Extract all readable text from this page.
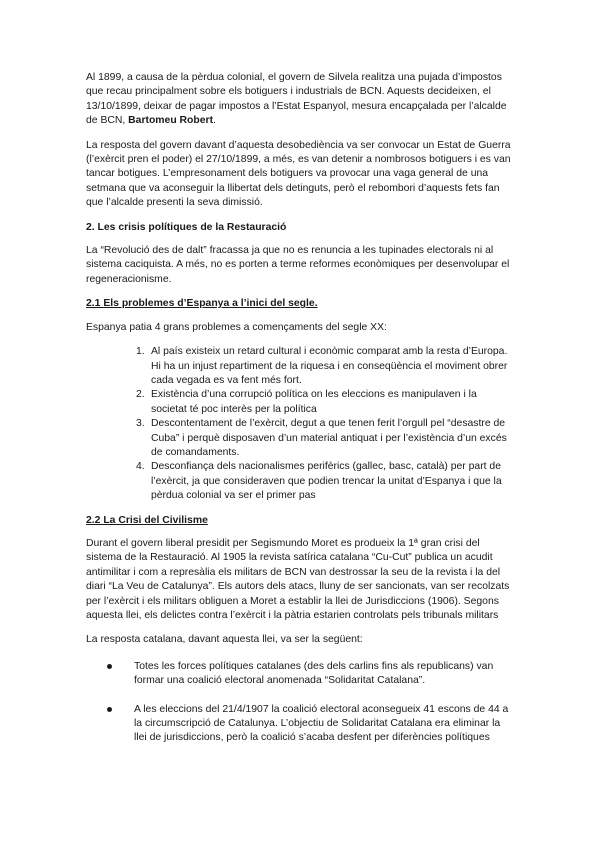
Al 1899, a causa de la pèrdua colonial, el govern de Silvela realitza una pujada d’impostos que recau principalment sobre els botiguers i industrials de BCN. Aquests decideixen, el 13/10/1899, deixar de pagar impostos a l’Estat Espanyol, mesura encapçalada per l’alcalde de BCN, Bartomeu Robert.

La resposta del govern davant d’aquesta desobediència va ser convocar un Estat de Guerra (l’exèrcit pren el poder) el 27/10/1899, a més, es van detenir a nombrosos botiguers i es van tancar botigues. L’empresonament dels botiguers va provocar una vaga general de una setmana que va aconseguir la llibertat dels detinguts, però el rebombori d’aquests fets fan que l’alcalde presenti la seva dimissió.

2. Les crisis polítiques de la Restauració

La “Revolució des de dalt” fracassa ja que no es renuncia a les tupinades electorals ni al sistema caciquista. A més, no es porten a terme reformes econòmiques per desenvolupar el regeneracionisme.

2.1 Els problemes d’Espanya a l’inici del segle.

Espanya patia 4 grans problemes a començaments del segle XX:

1. Al país existeix un retard cultural i econòmic comparat amb la resta d’Europa. Hi ha un injust repartiment de la riquesa i en conseqüència el moviment obrer cada vegada es va fent més fort.
2. Existència d’una corrupció política on les eleccions es manipulaven i la societat té poc interès per la política
3. Descontentament de l’exèrcit, degut a que tenen ferit l’orgull pel “desastre de Cuba” i perquè disposaven d’un material antiquat i per l’existència d’un excés de comandaments.
4. Desconfiança dels nacionalismes perifèrics (gallec, basc, català) per part de l’exèrcit, ja que consideraven que podien trencar la unitat d’Espanya i que la pèrdua colonial va ser el primer pas

2.2 La Crisi del Civilisme

Durant el govern liberal presidit per Segismundo Moret es produeix la 1ª gran crisi del sistema de la Restauració. Al 1905 la revista satírica catalana “Cu-Cut” publica un acudit antimilitar i com a represàlia els militars de BCN van destrossar la seu de la revista i la del diari “La Veu de Catalunya”. Els autors dels atacs, lluny de ser sancionats, van ser recolzats per l’exèrcit i els militars obliguen a Moret a establir la llei de Jurisdiccions (1906). Segons aquesta llei, els delictes contra l’exèrcit i la pàtria estarien controlats pels tribunals militars

La resposta catalana, davant aquesta llei, va ser la següent:

Totes les forces polítiques catalanes (des dels carlins fins als republicans) van formar una coalició electoral anomenada “Solidaritat Catalana”.
A les eleccions del 21/4/1907 la coalició electoral aconsegueix 41 escons de 44 a la circumscripció de Catalunya. L’objectiu de Solidaritat Catalana era eliminar la llei de jurisdiccions, però la coalició s’acaba desfent per diferències polítiques
